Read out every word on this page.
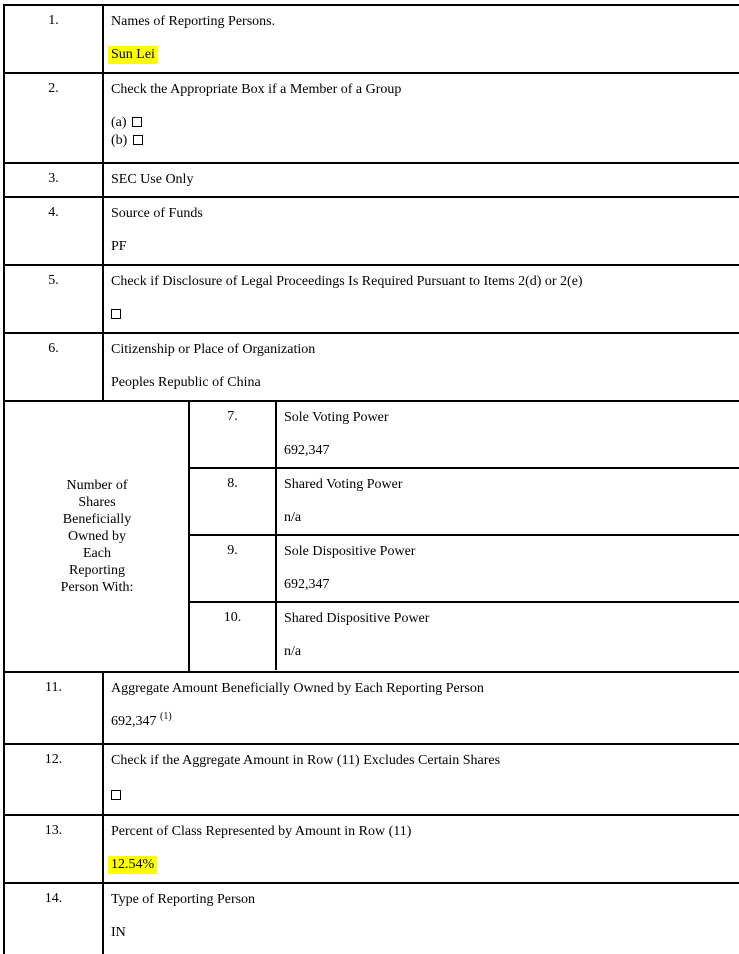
1.	Names of Reporting Persons.
Sun Lei
2.	Check the Appropriate Box if a Member of a Group
(a)
(b)
3.	SEC Use Only
4.	Source of Funds
PF
5.	Check if Disclosure of Legal Proceedings Is Required Pursuant to Items 2(d) or 2(e)
6.	Citizenship or Place of Organization
Peoples Republic of China
Number of
Shares
Beneficially
Owned by
Each
Reporting
Person With:
7.	Sole Voting Power
692,347
8.	Shared Voting Power
n/a
9.	Sole Dispositive Power
692,347
10.	Shared Dispositive Power
n/a
11.	Aggregate Amount Beneficially Owned by Each Reporting Person
692,347 $^{(1)}$
12.	Check if the Aggregate Amount in Row (11) Excludes Certain Shares
13.	Percent of Class Represented by Amount in Row (11)
12.54%
14.	Type of Reporting Person
IN
